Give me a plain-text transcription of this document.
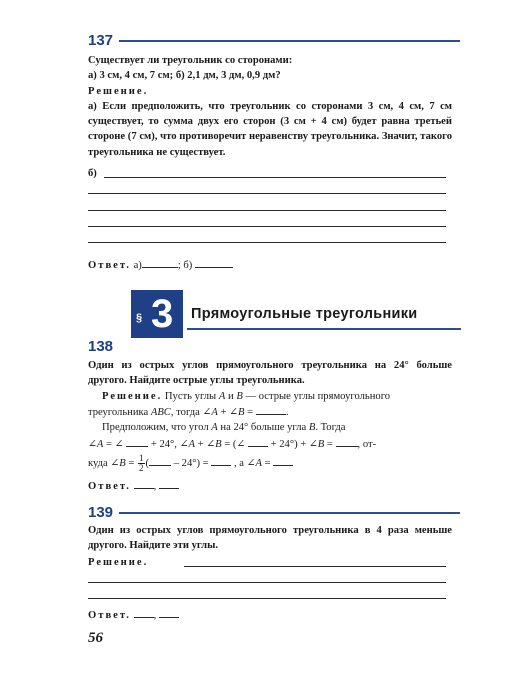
137

Существует ли треугольник со сторонами:
а) 3 см, 4 см, 7 см; б) 2,1 дм, 3 дм, 0,9 дм?

Решение.

а) Если предположить, что треугольник со сторонами 3 см, 4 см, 7 см существует, то сумма двух его сторон (3 см + 4 см) будет равна третьей стороне (7 см), что противоречит неравенству треугольника. Значит, такого треугольника не существует.

б)

Ответ. а)	; б)

§ 3 Прямоугольные треугольники
138

Один из острых углов прямоугольного треугольника на 24° больше другого. Найдите острые углы треугольника.

Решение. Пусть углы A и B — острые углы прямоугольного треугольника ABC, тогда ∠A + ∠B =	.

Предположим, что угол A на 24° больше угла B. Тогда

∠A = ∠	+ 24°, ∠A + ∠B = (∠ + 24°) + ∠B = , от-

куда ∠B = $\frac{1}{2}$ ( – 24°) = , а ∠A =

Ответ. ,

139

Один из острых углов прямоугольного треугольника в 4 раза меньше другого. Найдите эти углы.

Решение.

Ответ. ,

56
